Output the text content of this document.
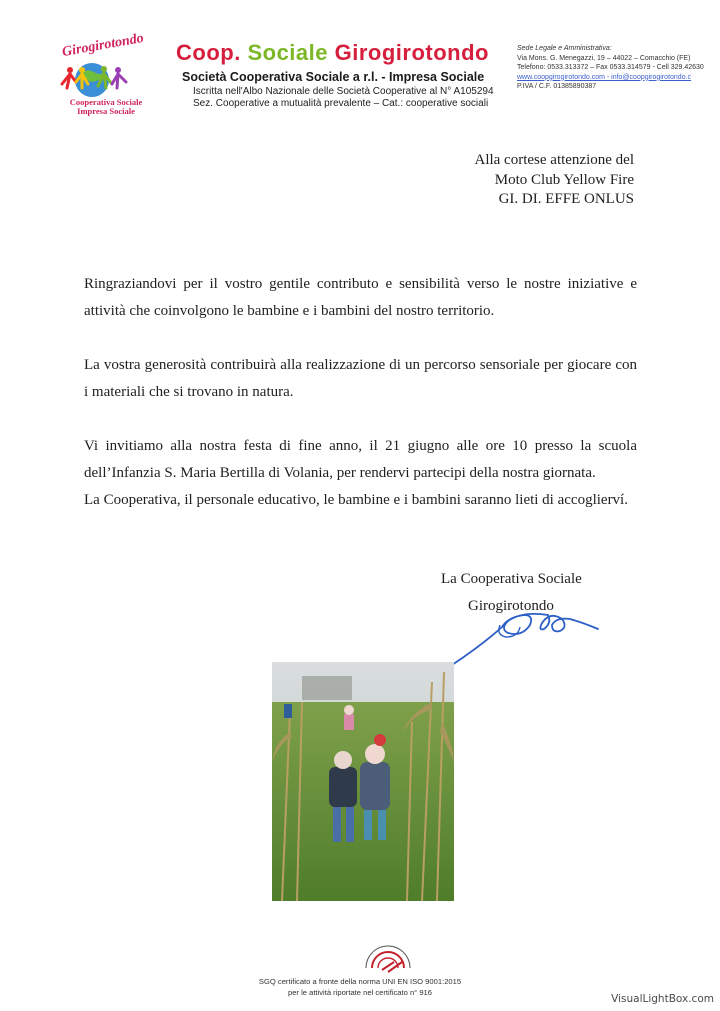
Girogirotondo
Cooperativa Sociale
Impresa Sociale
Coop. Sociale Girogirotondo
Società Cooperativa Sociale a r.l. - Impresa Sociale
Iscritta nell'Albo Nazionale delle Società Cooperative al N° A105294
Sez. Cooperative a mutualità prevalente – Cat.: cooperative sociali
Sede Legale e Amministrativa:
Via Mons. G. Menegazzi, 19 – 44022 – Comacchio (FE)
Telefono: 0533.313372 – Fax 0533.314579 - Cell 329.42630
www.coopgirogirotondo.com - info@coopgirogirotondo.c
P.IVA / C.F. 01385890387
Alla cortese attenzione del
Moto Club Yellow Fire
GI. DI. EFFE ONLUS

Ringraziandovi per il vostro gentile contributo e sensibilità verso le nostre iniziative e attività che coinvolgono le bambine e i bambini del nostro territorio.

La vostra generosità contribuirà alla realizzazione di un percorso sensoriale per giocare con i materiali che si trovano in natura.

Vi invitiamo alla nostra festa di fine anno, il 21 giugno alle ore 10 presso la scuola dell’Infanzia S. Maria Bertilla di Volania, per rendervi partecipi della nostra giornata.

La Cooperativa, il personale educativo, le bambine e i bambini saranno lieti di accoglierví.

La Cooperativa Sociale
Girogirotondo
SGQ certificato a fronte della norma UNI EN ISO 9001:2015
per le attività riportate nel certificato n° 916
VisualLightBox.com
